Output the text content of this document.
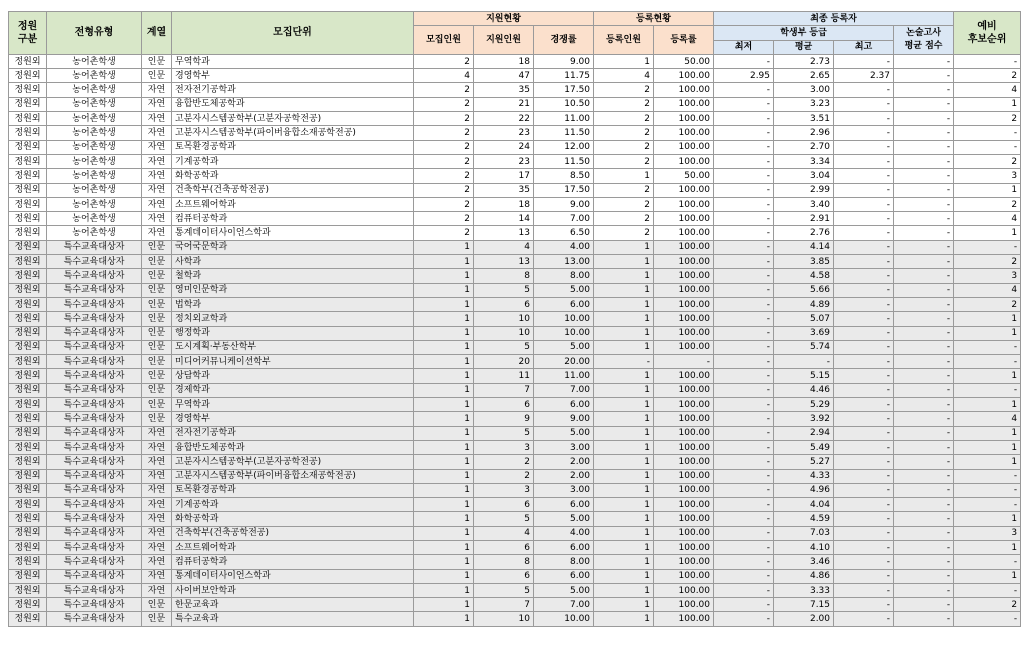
정원
구분	전형유형	계열	모집단위	지원현황			등록현황		최종 등록자				예비
후보순위
				모집인원	지원인원	경쟁률	등록인원	등록률	학생부 등급			논술고사
평균 점수	
									최저	평균	최고		
정원외	농어촌학생	인문	무역학과	2	18	9.00	1	50.00	-	2.73	-	-	-
정원외	농어촌학생	인문	경영학부	4	47	11.75	4	100.00	2.95	2.65	2.37	-	2
정원외	농어촌학생	자연	전자전기공학과	2	35	17.50	2	100.00	-	3.00	-	-	4
정원외	농어촌학생	자연	융합반도체공학과	2	21	10.50	2	100.00	-	3.23	-	-	1
정원외	농어촌학생	자연	고분자시스템공학부(고분자공학전공)	2	22	11.00	2	100.00	-	3.51	-	-	2
정원외	농어촌학생	자연	고분자시스템공학부(파이버융합소재공학전공)	2	23	11.50	2	100.00	-	2.96	-	-	-
정원외	농어촌학생	자연	토목환경공학과	2	24	12.00	2	100.00	-	2.70	-	-	-
정원외	농어촌학생	자연	기계공학과	2	23	11.50	2	100.00	-	3.34	-	-	2
정원외	농어촌학생	자연	화학공학과	2	17	8.50	1	50.00	-	3.04	-	-	3
정원외	농어촌학생	자연	건축학부(건축공학전공)	2	35	17.50	2	100.00	-	2.99	-	-	1
정원외	농어촌학생	자연	소프트웨어학과	2	18	9.00	2	100.00	-	3.40	-	-	2
정원외	농어촌학생	자연	컴퓨터공학과	2	14	7.00	2	100.00	-	2.91	-	-	4
정원외	농어촌학생	자연	통계데이터사이언스학과	2	13	6.50	2	100.00	-	2.76	-	-	1
정원외	특수교육대상자	인문	국어국문학과	1	4	4.00	1	100.00	-	4.14	-	-	-
정원외	특수교육대상자	인문	사학과	1	13	13.00	1	100.00	-	3.85	-	-	2
정원외	특수교육대상자	인문	철학과	1	8	8.00	1	100.00	-	4.58	-	-	3
정원외	특수교육대상자	인문	영미인문학과	1	5	5.00	1	100.00	-	5.66	-	-	4
정원외	특수교육대상자	인문	법학과	1	6	6.00	1	100.00	-	4.89	-	-	2
정원외	특수교육대상자	인문	정치외교학과	1	10	10.00	1	100.00	-	5.07	-	-	1
정원외	특수교육대상자	인문	행정학과	1	10	10.00	1	100.00	-	3.69	-	-	1
정원외	특수교육대상자	인문	도시계획·부동산학부	1	5	5.00	1	100.00	-	5.74	-	-	-
정원외	특수교육대상자	인문	미디어커뮤니케이션학부	1	20	20.00	-	-	-	-	-	-	-
정원외	특수교육대상자	인문	상담학과	1	11	11.00	1	100.00	-	5.15	-	-	1
정원외	특수교육대상자	인문	경제학과	1	7	7.00	1	100.00	-	4.46	-	-	-
정원외	특수교육대상자	인문	무역학과	1	6	6.00	1	100.00	-	5.29	-	-	1
정원외	특수교육대상자	인문	경영학부	1	9	9.00	1	100.00	-	3.92	-	-	4
정원외	특수교육대상자	자연	전자전기공학과	1	5	5.00	1	100.00	-	2.94	-	-	1
정원외	특수교육대상자	자연	융합반도체공학과	1	3	3.00	1	100.00	-	5.49	-	-	1
정원외	특수교육대상자	자연	고분자시스템공학부(고분자공학전공)	1	2	2.00	1	100.00	-	5.27	-	-	1
정원외	특수교육대상자	자연	고분자시스템공학부(파이버융합소재공학전공)	1	2	2.00	1	100.00	-	4.33	-	-	-
정원외	특수교육대상자	자연	토목환경공학과	1	3	3.00	1	100.00	-	4.96	-	-	-
정원외	특수교육대상자	자연	기계공학과	1	6	6.00	1	100.00	-	4.04	-	-	-
정원외	특수교육대상자	자연	화학공학과	1	5	5.00	1	100.00	-	4.59	-	-	1
정원외	특수교육대상자	자연	건축학부(건축공학전공)	1	4	4.00	1	100.00	-	7.03	-	-	3
정원외	특수교육대상자	자연	소프트웨어학과	1	6	6.00	1	100.00	-	4.10	-	-	1
정원외	특수교육대상자	자연	컴퓨터공학과	1	8	8.00	1	100.00	-	3.46	-	-	-
정원외	특수교육대상자	자연	통계데이터사이언스학과	1	6	6.00	1	100.00	-	4.86	-	-	1
정원외	특수교육대상자	자연	사이버보안학과	1	5	5.00	1	100.00	-	3.33	-	-	-
정원외	특수교육대상자	인문	한문교육과	1	7	7.00	1	100.00	-	7.15	-	-	2
정원외	특수교육대상자	인문	특수교육과	1	10	10.00	1	100.00	-	2.00	-	-	-
